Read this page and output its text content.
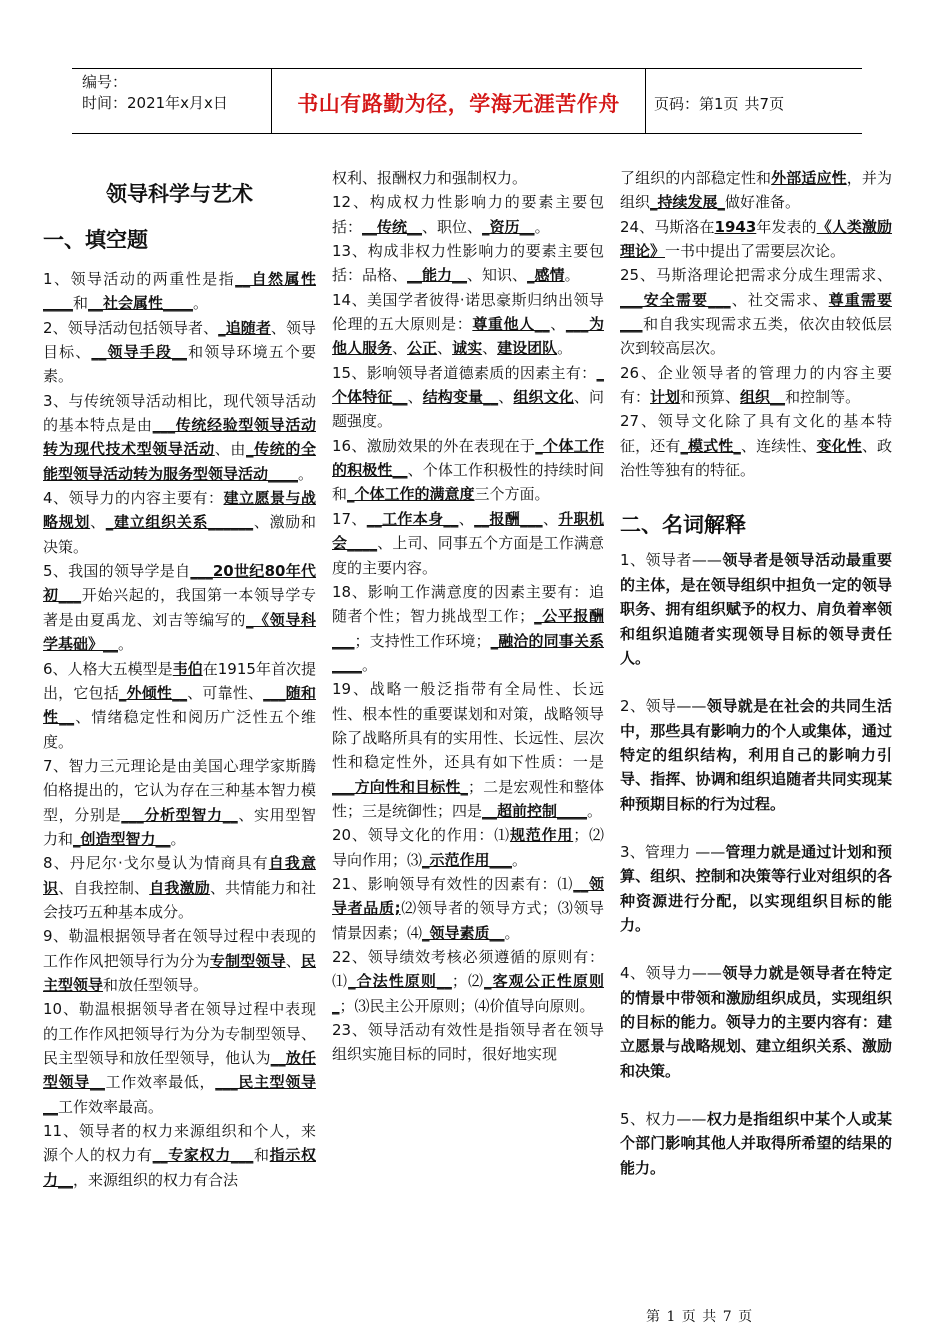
编号：
时间：2021年x月x日	书山有路勤为径，学海无涯苦作舟	页码：第1页 共7页
领导科学与艺术
一、填空题

1、领导活动的两重性是指__自然属性____和__社会属性____。

2、领导活动包括领导者、_追随者、领导目标、__领导手段__和领导环境五个要素。

3、与传统领导活动相比，现代领导活动的基本特点是由___传统经验型领导活动转为现代技术型领导活动、由_传统的全能型领导活动转为服务型领导活动____。

4、领导力的内容主要有：建立愿景与战略规划、_建立组织关系______、激励和决策。

5、我国的领导学是自___20世纪80年代初___开始兴起的，我国第一本领导学专著是由夏禹龙、刘吉等编写的_《领导科学基础》__。

6、人格大五模型是韦伯在1915年首次提出，它包括_外倾性__、可靠性、___随和性__、情绪稳定性和阅历广泛性五个维度。

7、智力三元理论是由美国心理学家斯腾伯格提出的，它认为存在三种基本智力模型，分别是___分析型智力__、实用型智力和_创造型智力__。

8、丹尼尔·戈尔曼认为情商具有自我意识、自我控制、自我激励、共情能力和社会技巧五种基本成分。

9、勒温根据领导者在领导过程中表现的工作作风把领导行为分为专制型领导、民主型领导和放任型领导。

10、勒温根据领导者在领导过程中表现的工作作风把领导行为分为专制型领导、民主型领导和放任型领导，他认为__放任型领导__工作效率最低，___民主型领导__工作效率最高。

11、领导者的权力来源组织和个人，来源个人的权力有__专家权力___和指示权力__，来源组织的权力有合法

权利、报酬权力和强制权力。

12、构成权力性影响力的要素主要包括：__传统__、职位、_资历__。

13、构成非权力性影响力的要素主要包括：品格、__能力__、知识、_感情。

14、美国学者彼得·诺思豪斯归纳出领导伦理的五大原则是：尊重他人__、___为他人服务、公正、诚实、建设团队。

15、影响领导者道德素质的因素主有：_个体特征__、结构变量__、组织文化、问题强度。

16、激励效果的外在表现在于_个体工作的积极性__、个体工作积极性的持续时间和_个体工作的满意度三个方面。

17、__工作本身__、__报酬___、升职机会____、上司、同事五个方面是工作满意度的主要内容。

18、影响工作满意度的因素主要有：追随者个性；智力挑战型工作；_公平报酬___；支持性工作环境；_融洽的同事关系____。

19、战略一般泛指带有全局性、长远性、根本性的重要谋划和对策，战略领导除了战略所具有的实用性、长远性、层次性和稳定性外，还具有如下性质：一是___方向性和目标性_；二是宏观性和整体性；三是统御性；四是__超前控制____。

20、领导文化的作用：⑴规范作用；⑵导向作用；⑶_示范作用___。

21、影响领导有效性的因素有：⑴__领导者品质;⑵领导者的领导方式；⑶领导情景因素；⑷_领导素质__。

22、领导绩效考核必须遵循的原则有：⑴_合法性原则__；⑵_客观公正性原则_；⑶民主公开原则；⑷价值导向原则。

23、领导活动有效性是指领导者在领导组织实施目标的同时，很好地实现

了组织的内部稳定性和外部适应性，并为组织_持续发展_做好准备。

24、马斯洛在1943年发表的《人类激励理论》一书中提出了需要层次论。

25、马斯洛理论把需求分成生理需求、___安全需要___、社交需求、尊重需要___和自我实现需求五类，依次由较低层次到较高层次。

26、企业领导者的管理力的内容主要有：计划和预算、组织__和控制等。

27、领导文化除了具有文化的基本特征，还有_模式性_、连续性、变化性、政治性等独有的特征。

二、名词解释

1、领导者——领导者是领导活动最重要的主体，是在领导组织中担负一定的领导职务、拥有组织赋予的权力、肩负着率领和组织追随者实现领导目标的领导责任人。

2、领导——领导就是在社会的共同生活中，那些具有影响力的个人或集体，通过特定的组织结构，利用自己的影响力引导、指挥、协调和组织追随者共同实现某种预期目标的行为过程。

3、管理力 ——管理力就是通过计划和预算、组织、控制和决策等行业对组织的各种资源进行分配，以实现组织目标的能力。

4、领导力——领导力就是领导者在特定的情景中带领和激励组织成员，实现组织的目标的能力。领导力的主要内容有：建立愿景与战略规划、建立组织关系、激励和决策。

5、权力——权力是指组织中某个人或某个部门影响其他人并取得所希望的结果的能力。

第 1 页 共 7 页
